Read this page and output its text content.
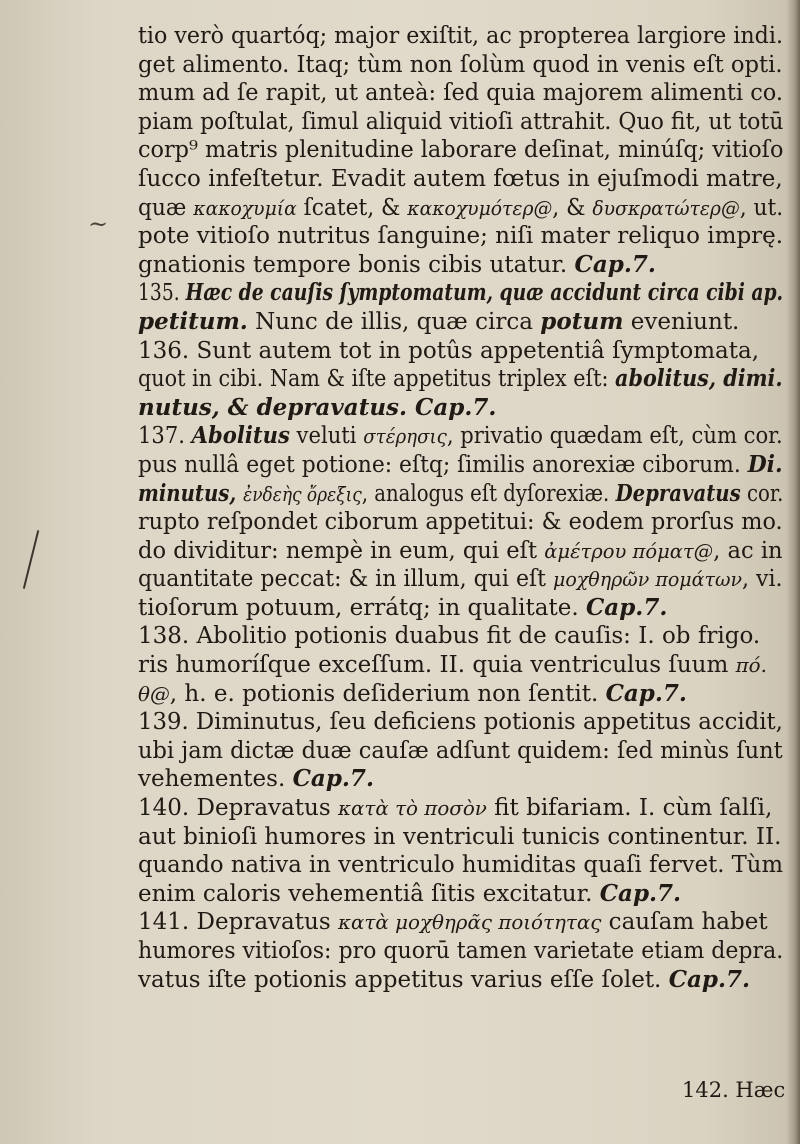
~
tio verò quartóq; major exiſtit, ac propterea largiore indi.
get alimento. Itaq; tùm non ſolùm quod in venis eſt opti.
mum ad ſe rapit, ut anteà: ſed quia majorem alimenti co.
piam poſtulat, ſimul aliquid vitioſi attrahit. Quo fit, ut totū
corp⁹ matris plenitudine laborare deſinat, minúſq; vitioſo
ſucco infeſtetur. Evadit autem fœtus in ejuſmodi matre,
quæ κακοχυμία ſcatet, & κακοχυμότερ@, & δυσκρατώτερ@, ut.
pote vitioſo nutritus ſanguine; niſi mater reliquo imprę.
gnationis tempore bonis cibis utatur. Cap.7.
135. Hæc de cauſis ſymptomatum, quæ accidunt circa cibi ap.
petitum. Nunc de illis, quæ circa potum eveniunt.
136. Sunt autem tot in potûs appetentiâ ſymptomata,
quot in cibi. Nam & iſte appetitus triplex eſt: abolitus, dimi.
nutus, & depravatus. Cap.7.
137. Abolitus veluti στέρησις, privatio quædam eſt, cùm cor.
pus nullâ eget potione: eſtq; ſimilis anorexiæ ciborum. Di.
minutus, ἐνδεὴς ὄρεξις, analogus eſt dyſorexiæ. Depravatus cor.
rupto reſpondet ciborum appetitui: & eodem prorſus mo.
do dividitur: nempè in eum, qui eſt ἀμέτρου πόματ@, ac in
quantitate peccat: & in illum, qui eſt μοχθηρῶν πομάτων, vi.
tioſorum potuum, errátq; in qualitate. Cap.7.
138. Abolitio potionis duabus fit de cauſis: I. ob frigo.
ris humoríſque exceſſum. II. quia ventriculus ſuum πό.
θ@, h. e. potionis deſiderium non ſentit. Cap.7.
139. Diminutus, ſeu deficiens potionis appetitus accidit,
ubi jam dictæ duæ cauſæ adſunt quidem: ſed minùs ſunt
vehementes. Cap.7.
140. Depravatus κατὰ τὸ ποσὸν fit bifariam. I. cùm ſalſi,
aut binioſi humores in ventriculi tunicis continentur. II.
quando nativa in ventriculo humiditas quaſi fervet. Tùm
enim caloris vehementiâ ſitis excitatur. Cap.7.
141. Depravatus κατὰ μοχθηρᾶς ποιότητας cauſam habet
humores vitioſos: pro quorū tamen varietate etiam depra.
vatus iſte potionis appetitus varius eſſe ſolet. Cap.7.
142. Hæc
